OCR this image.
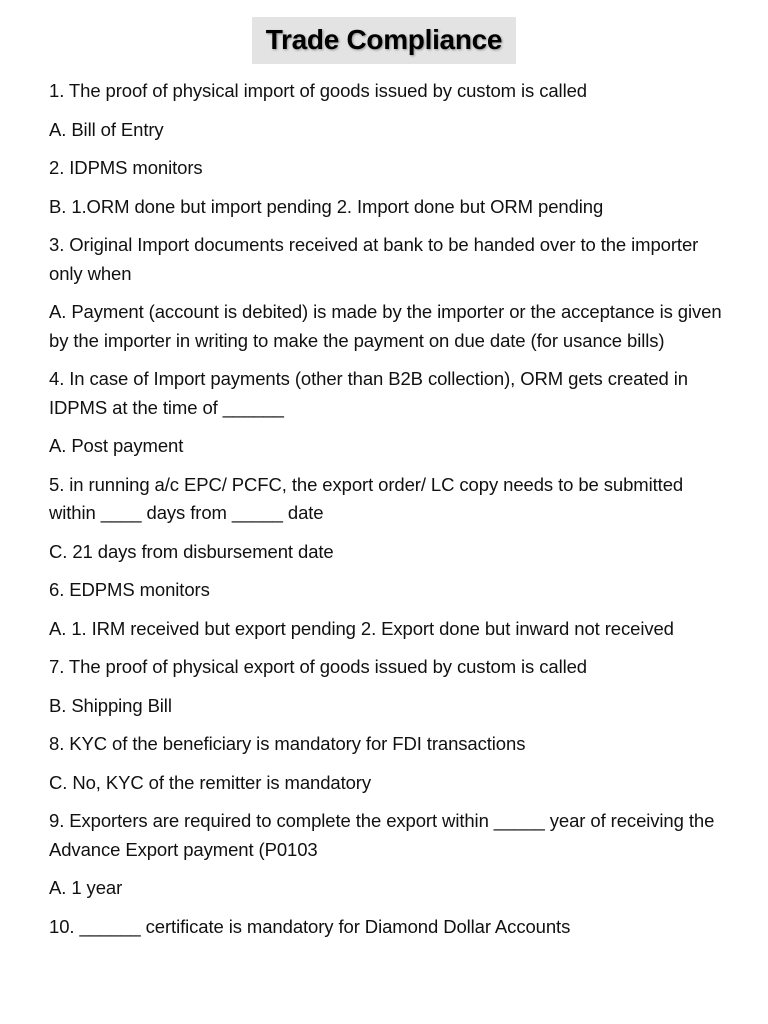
Trade Compliance

1. The proof of physical import of goods issued by custom is called

A. Bill of Entry

2. IDPMS monitors

B. 1.ORM done but import pending 2. Import done but ORM pending

3. Original Import documents received at bank to be handed over to the importer only when

A. Payment (account is debited) is made by the importer or the acceptance is given by the importer in writing to make the payment on due date (for usance bills)

4. In case of Import payments (other than B2B collection), ORM gets created in IDPMS at the time of ______

A. Post payment

5. in running a/c EPC/ PCFC, the export order/ LC copy needs to be submitted within ____ days from _____ date

C. 21 days from disbursement date

6. EDPMS monitors

A. 1. IRM received but export pending 2. Export done but inward not received

7. The proof of physical export of goods issued by custom is called

B. Shipping Bill

8. KYC of the beneficiary is mandatory for FDI transactions

C. No, KYC of the remitter is mandatory

9. Exporters are required to complete the export within _____ year of receiving the Advance Export payment (P0103

A. 1 year

10. ______ certificate is mandatory for Diamond Dollar Accounts
